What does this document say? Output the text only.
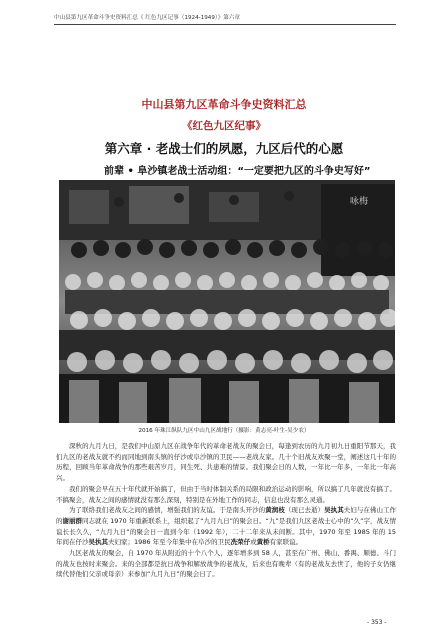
中山县第九区革命斗争史资料汇总《 红色九区记事（1924-1949）》第六章
中山县第九区革命斗争史资料汇总
《红色九区纪事》
第六章 · 老战士们的夙愿，九区后代的心愿
前辈 • 阜沙镇老战士活动组：“一定要把九区的斗争史写好”
咏梅
2016 年珠江纵队九区中山九区战地行（摄影：黄志亮-叶生-吴少农）

深秋的九月九日，是我们中山原九区在战争年代的革命老战友的聚会日，每逢到农历的九月初九日重阳节那天，我们九区的老战友就不约而同地到南头镇的仔沙或阜沙镇的卫民——老战友家。几十个旧战友欢聚一堂，阐述这几十年的历程，回顾当年革命战争的那些艰苦岁月，同生死、共患难的情景。我们聚会日的人数，一年比一年多，一年比一年高兴。

我们的聚会早在五十年代就开始搞了，但由于当时体制关系的局限和政治运动的影响，所以搞了几年就没有搞了。不搞聚会，战友之间的感情就没有那么深刻，特别是在外地工作的同志，信息也没有那么灵通。

为了联络我们老战友之间的感情，增强我们的友谊。于是南头开沙的黄润枝（现已去逝）吴执其夫妇与在佛山工作的谢丽群同志就在 1970 年重新联系上，组织起了“九月九日”的聚会日。“九”是我们九区老战士心中的“久”字，战友情谊长长久久，“九月九日”的聚会日一直到今年（1992 年），二十二年来从未间断。其中，1970 年至 1985 年的 15 年间在仔沙吴执其夫妇家；1986 年至今年集中在阜沙的卫民冼荣仔或黄桥有家联谊。

九区老战友的聚会，自 1970 年从附近的十个八个人，逐年增多到 58 人，甚至在广州、佛山、番禺、顺德、斗门的战友也按时来聚会。来的全部都是抗日战争和解放战争的老战友，后来也有晚辈（有的老战友去世了，他的子女仍继续代替他们父亲或母亲）来参加“九月九日”的聚会日了。

- 353 -
